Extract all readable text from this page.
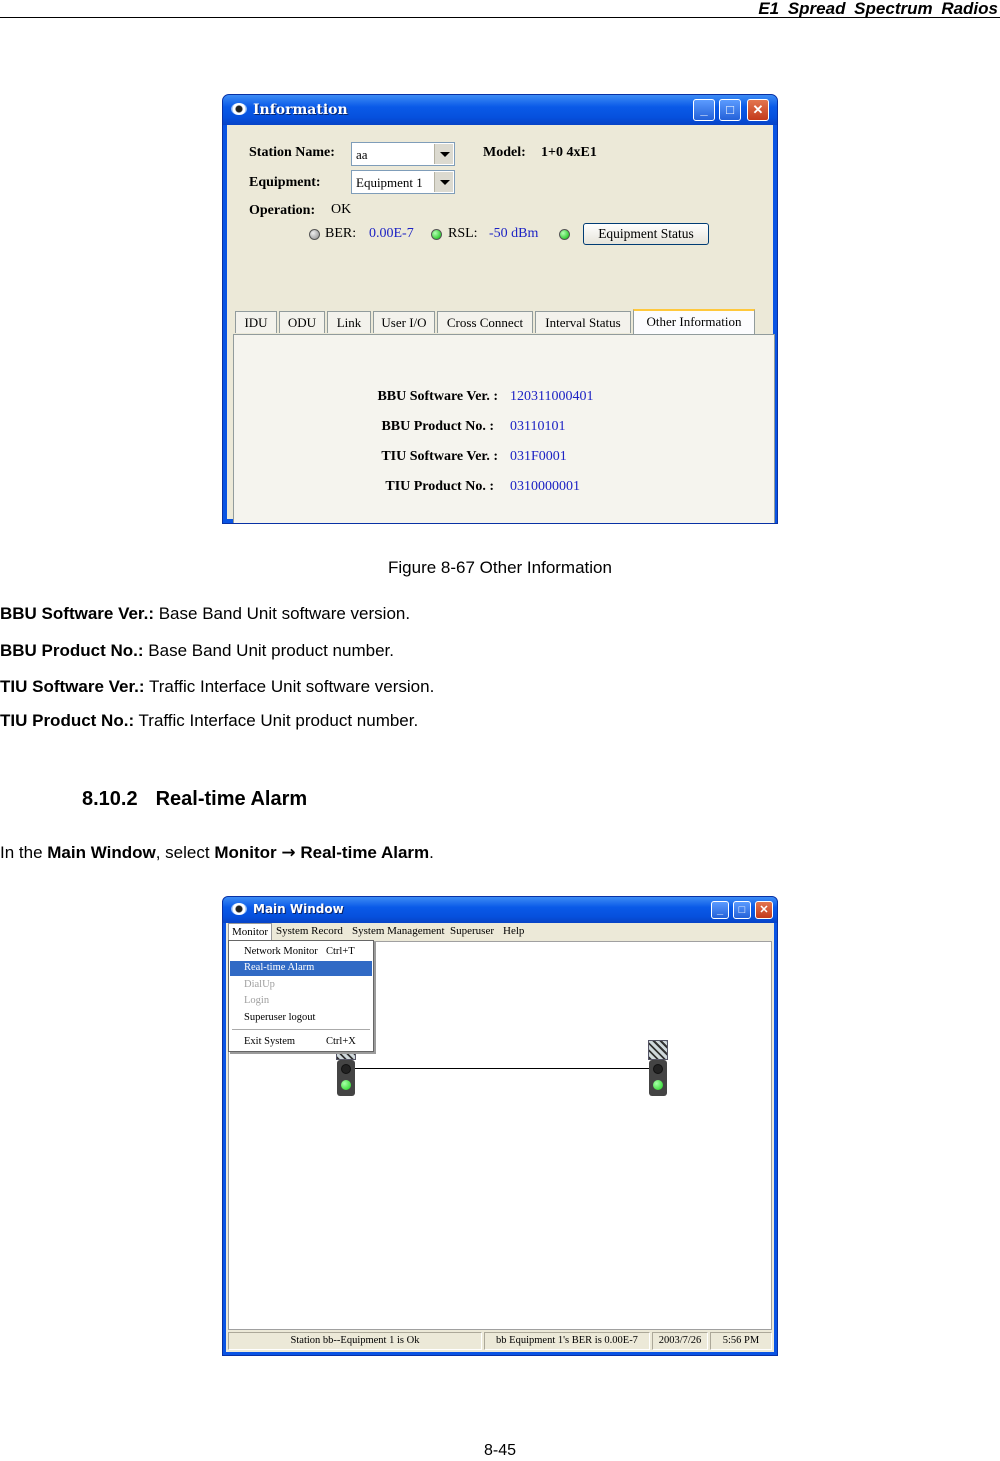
E1 Spread Spectrum Radios
Information	_	□	✕
Station Name:	aa	Model: 1+0 4xE1
Equipment:	Equipment 1
Operation: OK
BER: 0.00E-7 RSL: -50 dBm	Equipment Status
IDU	ODU	Link	User I/O	Cross Connect	Interval Status	Other Information
BBU Software Ver. : 120311000401
BBU Product No. : 03110101
TIU Software Ver. : 031F0001
TIU Product No. : 0310000001
Figure 8-67 Other Information
BBU Software Ver.: Base Band Unit software version.
BBU Product No.: Base Band Unit product number.
TIU Software Ver.: Traffic Interface Unit software version.
TIU Product No.: Traffic Interface Unit product number.
8.10.2 Real-time Alarm
In the Main Window, select Monitor → Real-time Alarm.
Main Window	_	□	✕
Monitor System Record System Management Superuser Help
Network Monitor Ctrl+T
Real-time Alarm
DialUp
Login
Superuser logout
Exit System	Ctrl+X
Station bb--Equipment 1 is Ok	bb Equipment 1's BER is 0.00E-7	2003/7/26	5:56 PM
8-45
